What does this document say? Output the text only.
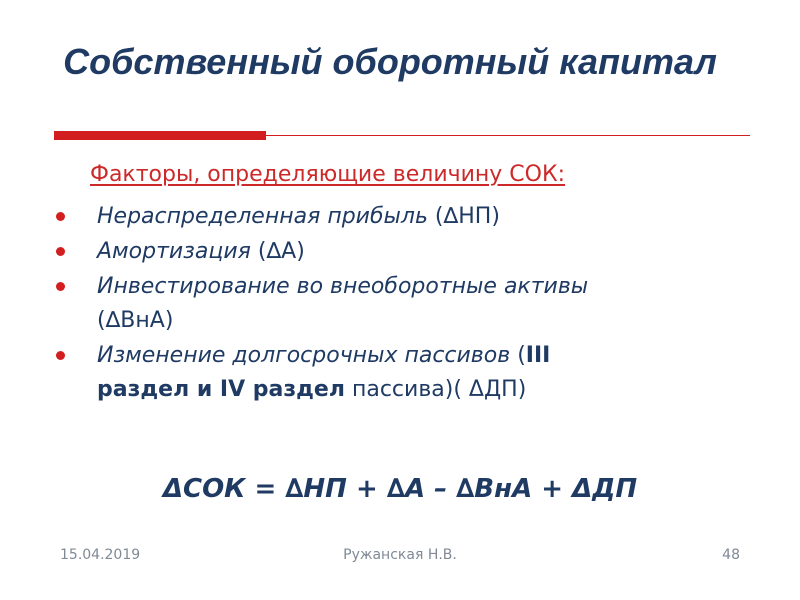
Собственный оборотный капитал
Факторы, определяющие величину СОК:
Нераспределенная прибыль (∆НП)
Амортизация (∆А)
Инвестирование во внеоборотные активы
(∆ВнА)
Изменение долгосрочных пассивов (III
раздел и IV раздел пассива)( ΔДП)
ΔСОК = ∆НП + ∆А – ∆ВнА + ΔДП
15.04.2019	Ружанская Н.В.	48
